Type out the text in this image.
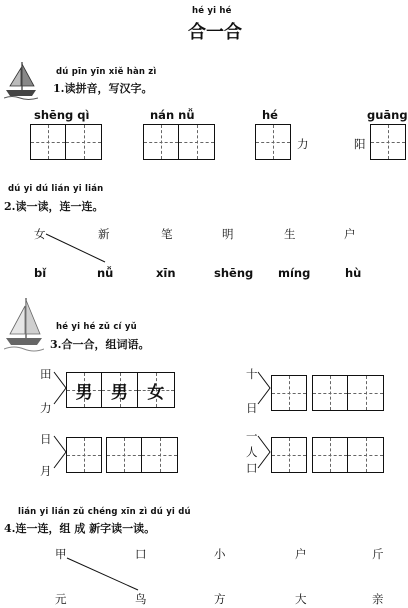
hé yi hé
合一合
dú pīn yīn xiě hàn zì
1.读拼音，写汉字。
shēng qì	nán nǚ	hé
力
guāng
阳
dú yi dú lián yi lián
2.读一读，连一连。
女	新	笔	明	生	户
bǐ	nǚ	xīn	shēng míng	hù
hé yi hé zǔ cí yǔ
3.合一合，组词语。
田
力
男	男	女
十
日
日
月
一
人
口
lián yi lián zǔ chéng xīn zì dú yi dú
4.连一连，组 成 新字读一读。
甲	口	小	户	斤
元	鸟	方	大	亲
